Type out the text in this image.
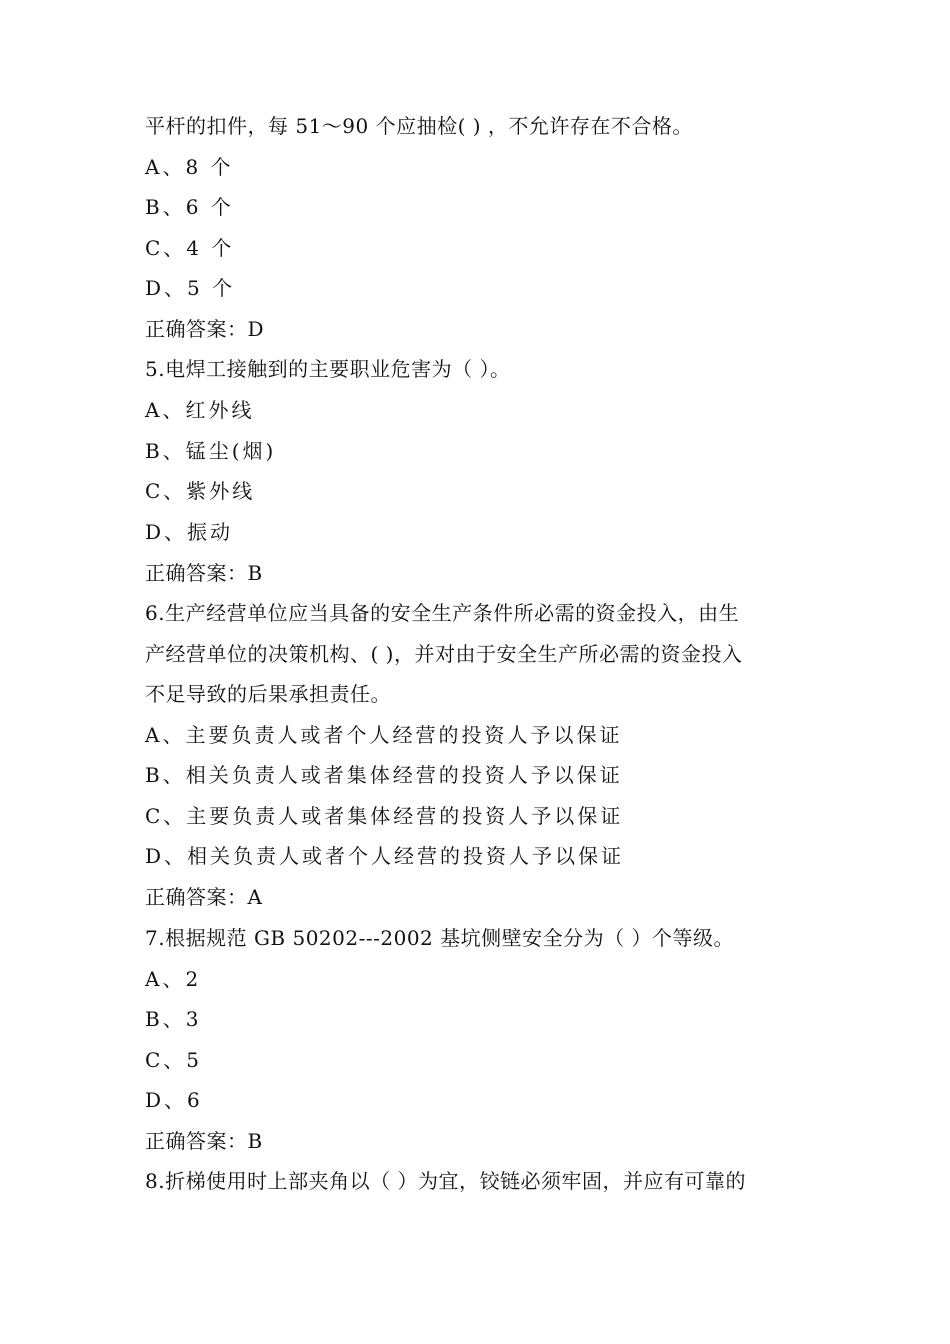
平杆的扣件，每 51～90 个应抽检( ) ，不允许存在不合格。
A、8 个
B、6 个
C、4 个
D、5 个
正确答案：D
5.电焊工接触到的主要职业危害为（ ）。
A、红外线
B、锰尘(烟)
C、紫外线
D、振动
正确答案：B
6.生产经营单位应当具备的安全生产条件所必需的资金投入，由生
产经营单位的决策机构、( )，并对由于安全生产所必需的资金投入
不足导致的后果承担责任。
A、主要负责人或者个人经营的投资人予以保证
B、相关负责人或者集体经营的投资人予以保证
C、主要负责人或者集体经营的投资人予以保证
D、相关负责人或者个人经营的投资人予以保证
正确答案：A
7.根据规范 GB 50202---2002 基坑侧壁安全分为（ ）个等级。
A、2
B、3
C、5
D、6
正确答案：B
8.折梯使用时上部夹角以（ ）为宜，铰链必须牢固，并应有可靠的
